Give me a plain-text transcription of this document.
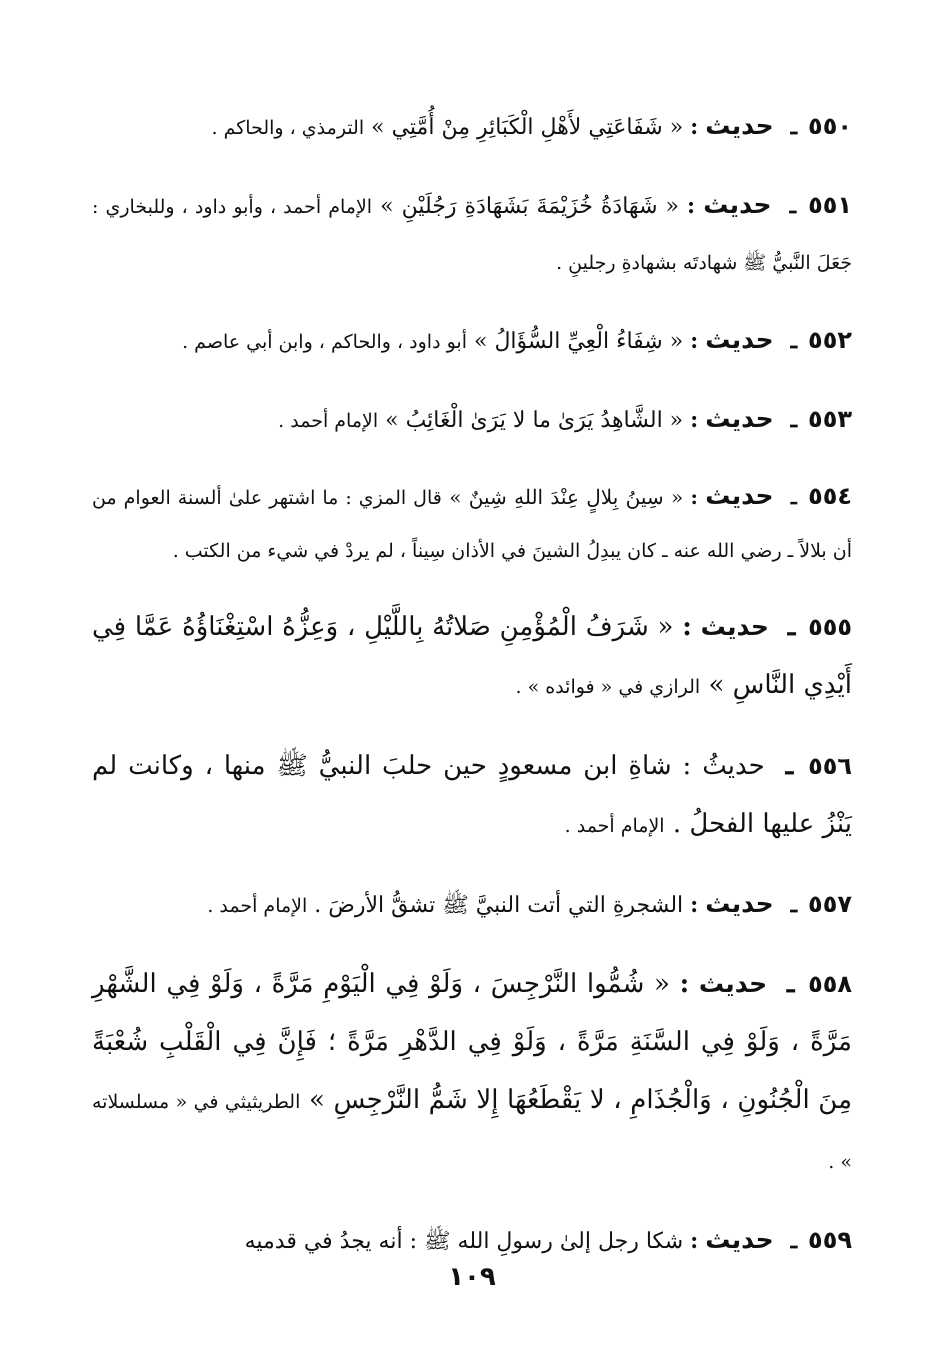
٥٥٠ ـ حديث : « شَفَاعَتِي لأَهْلِ الْكَبَائِرِ مِنْ أُمَّتِي » الترمذي ، والحاكم .
٥٥١ ـ حديث : « شَهَادَةُ خُزَيْمَةَ بَشَهَادَةِ رَجُلَيْنِ » الإمام أحمد ، وأبو داود ، وللبخاري : جَعَلَ النَّبيُّ ﷺ شهادتَه بشهادةِ رجلينِ .
٥٥٢ ـ حديث : « شِفَاءُ الْعِيِّ السُّؤَالُ » أبو داود ، والحاكم ، وابن أبي عاصم .
٥٥٣ ـ حديث : « الشَّاهِدُ يَرَىٰ ما لا يَرَىٰ الْغَائِبُ » الإمام أحمد .
٥٥٤ ـ حديث : « سِينُ بِلالٍ عِنْدَ اللهِ شِينٌ » قال المزي : ما اشتهر علىٰ ألسنة العوام من أن بلالاً ـ رضي الله عنه ـ كان يبدِلُ الشينَ في الأذان سِيناً ، لم يردْ في شيء من الكتب .
٥٥٥ ـ حديث : « شَرَفُ الْمُؤْمِنِ صَلاتُهُ بِاللَّيْلِ ، وَعِزُّهُ اسْتِغْنَاؤُهُ عَمَّا فِي أَيْدِي النَّاسِ » الرازي في « فوائده » .
٥٥٦ ـ حديثُ : شاةِ ابن مسعودٍ حين حلبَ النبيُّ ﷺ منها ، وكانت لم يَنْزُ عليها الفحلُ . الإمام أحمد .
٥٥٧ ـ حديث : الشجرةِ التي أتت النبيَّ ﷺ تشقُّ الأرضَ . الإمام أحمد .
٥٥٨ ـ حديث : « شُمُّوا النَّرْجِسَ ، وَلَوْ فِي الْيَوْمِ مَرَّةً ، وَلَوْ فِي الشَّهْرِ مَرَّةً ، وَلَوْ فِي السَّنَةِ مَرَّةً ، وَلَوْ فِي الدَّهْرِ مَرَّةً ؛ فَإِنَّ فِي الْقَلْبِ شُعْبَةً مِنَ الْجُنُونِ ، وَالْجُذَامِ ، لا يَقْطَعُهَا إِلا شَمُّ النَّرْجِسِ » الطريثيثي في « مسلسلاته » .
٥٥٩ ـ حديث : شكا رجل إلىٰ رسولِ الله ﷺ : أنه يجدُ في قدميه
١٠٩
